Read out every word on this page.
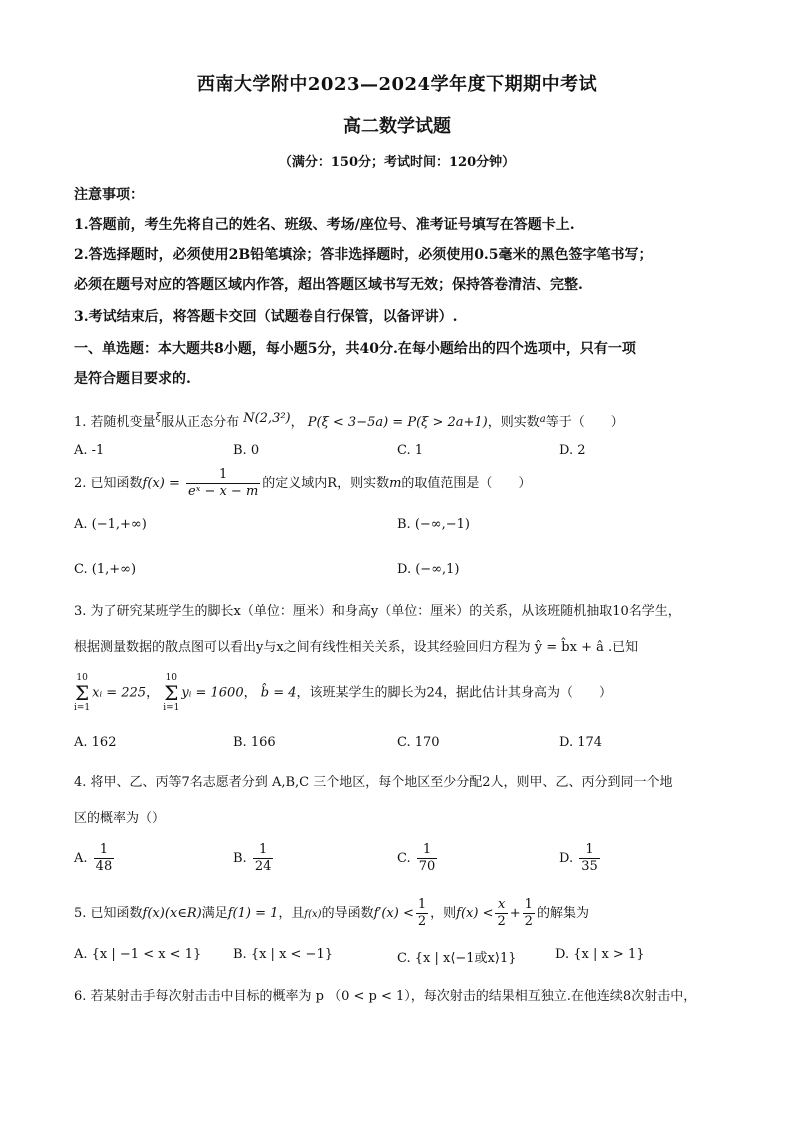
西南大学附中2023—2024学年度下期期中考试
高二数学试题
（满分：150分；考试时间：120分钟）
注意事项：
1.答题前，考生先将自己的姓名、班级、考场/座位号、准考证号填写在答题卡上.
2.答选择题时，必须使用2B铅笔填涂；答非选择题时，必须使用0.5毫米的黑色签字笔书写；
必须在题号对应的答题区域内作答，超出答题区域书写无效；保持答卷清洁、完整.
3.考试结束后，将答题卡交回（试题卷自行保管，以备评讲）.
一、单选题：本大题共8小题，每小题5分，共40分.在每小题给出的四个选项中，只有一项
是符合题目要求的.
1. 若随机变量$^\xi$服从正态分布 N(2,3²)， P(ξ < 3−5a) = P(ξ > 2a+1)，则实数$^a$等于（　　）
A. -1	B. 0	C. 1	D. 2
2. 已知函数$f(x) = \frac{1}{\text{eˣ − x − m}}$ 的定义域内R，则实数m的取值范围是（　　）
A. (−1,+∞)	B. (−∞,−1)
C. (1,+∞)	D. (−∞,1)
3. 为了研究某班学生的脚长x（单位：厘米）和身高y（单位：厘米）的关系，从该班随机抽取10名学生，
根据测量数据的散点图可以看出y与x之间有线性相关关系，设其经验回归方程为 ŷ = b̂x + â .已知
10
Σ
i=1xᵢ = 225， 10
Σ
i=1yᵢ = 1600， b̂ = 4，该班某学生的脚长为24，据此估计其身高为（　　）
A. 162	B. 166	C. 170	D. 174
4. 将甲、乙、丙等7名志愿者分到 A,B,C 三个地区，每个地区至少分配2人，则甲、乙、丙分到同一个地
区的概率为（）
A. $\frac{1}{48}$	B. $\frac{1}{24}$	C. $\frac{1}{70}$	D. $\frac{1}{35}$
5. 已知函数f(x)(x∈R)满足f(1) = 1，且f(x)的导函数$f'(x) < \frac{1}{2}$ ，则$f(x) < \frac{x}{2} + \frac{1}{2}$ 的解集为
A. {x | −1 < x < 1} B. {x | x < −1}	C. {x | x⟨−1或x⟩1}	D. {x | x > 1}
6. 若某射击手每次射击击中目标的概率为 p （0 < p < 1），每次射击的结果相互独立.在他连续8次射击中，
